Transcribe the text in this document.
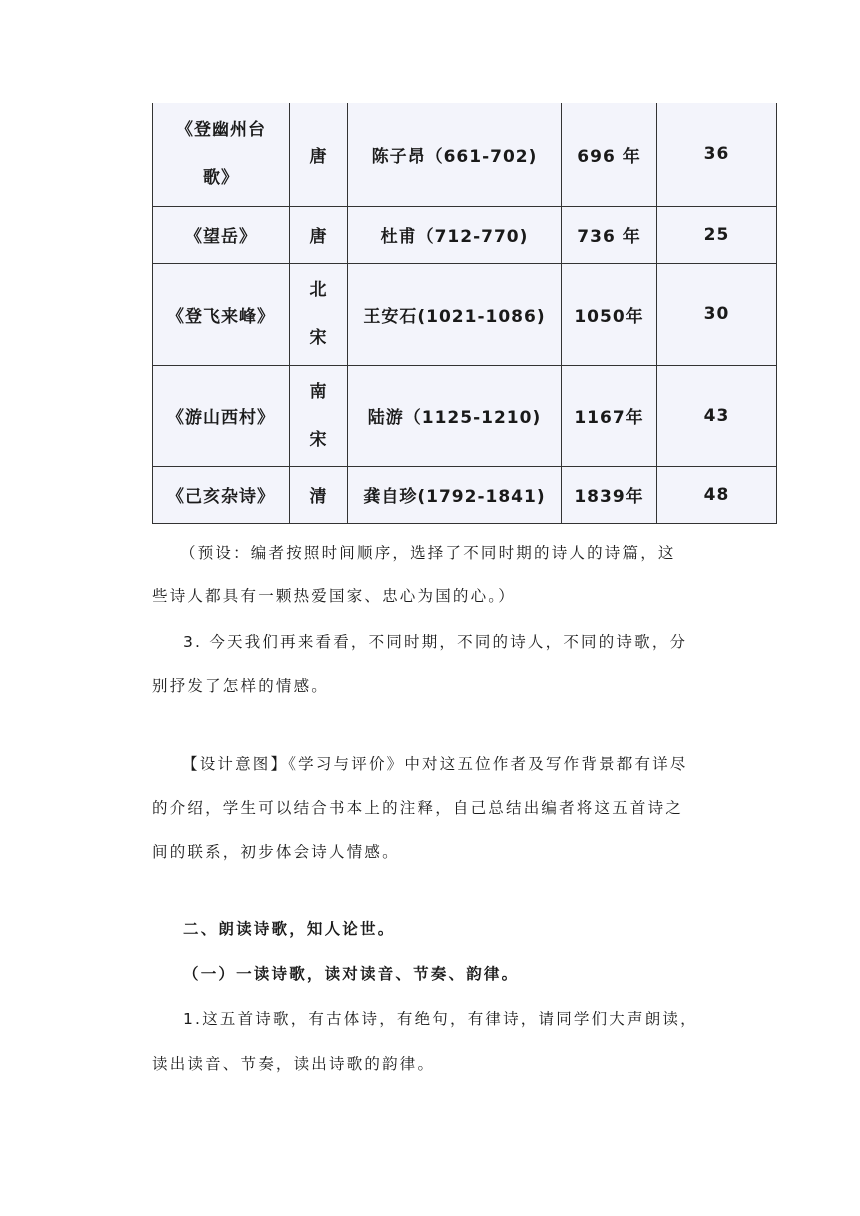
《登幽州台歌》	唐	陈子昂（661-702)	696 年	36
《望岳》	唐	杜甫（712-770)	736 年	25
《登飞来峰》	北宋	王安石(1021-1086)	1050年	30
《游山西村》	南宋	陆游（1125-1210)	1167年	43
《己亥杂诗》	清	龚自珍(1792-1841)	1839年	48

（预设：编者按照时间顺序，选择了不同时期的诗人的诗篇，这

些诗人都具有一颗热爱国家、忠心为国的心。）

3. 今天我们再来看看，不同时期，不同的诗人，不同的诗歌，分

别抒发了怎样的情感。

【设计意图】《学习与评价》中对这五位作者及写作背景都有详尽

的介绍，学生可以结合书本上的注释，自己总结出编者将这五首诗之

间的联系，初步体会诗人情感。

二、朗读诗歌，知人论世。

（一）一读诗歌，读对读音、节奏、韵律。

1.这五首诗歌，有古体诗，有绝句，有律诗，请同学们大声朗读，

读出读音、节奏，读出诗歌的韵律。
